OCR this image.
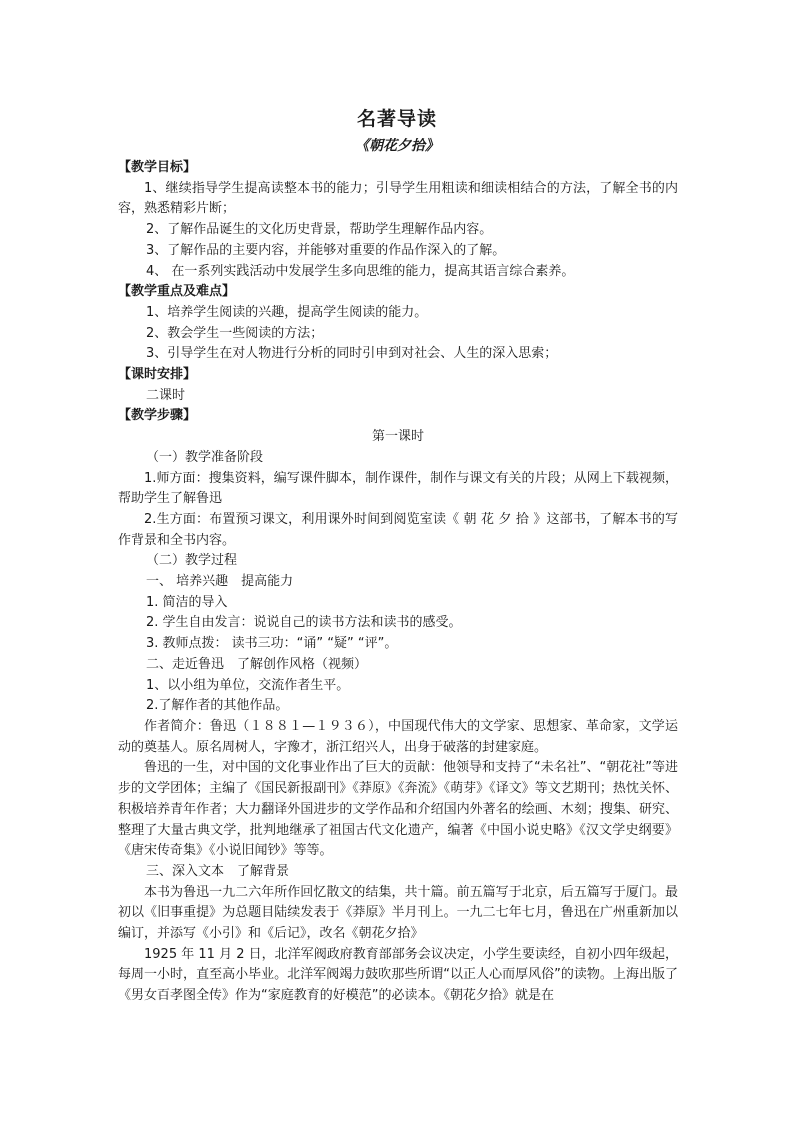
名著导读
《朝花夕拾》

【教学目标】

1、继续指导学生提高读整本书的能力；引导学生用粗读和细读相结合的方法，了解全书的内容，熟悉精彩片断；

2、了解作品诞生的文化历史背景，帮助学生理解作品内容。

3、了解作品的主要内容，并能够对重要的作品作深入的了解。

4、 在一系列实践活动中发展学生多向思维的能力，提高其语言综合素养。

【教学重点及难点】

1、培养学生阅读的兴趣，提高学生阅读的能力。

2、教会学生一些阅读的方法；

3、引导学生在对人物进行分析的同时引申到对社会、人生的深入思索；

【课时安排】

二课时

【教学步骤】

第一课时

（一）教学准备阶段

1.师方面：搜集资料，编写课件脚本，制作课件，制作与课文有关的片段；从网上下载视频，帮助学生了解鲁迅

2.生方面：布置预习课文，利用课外时间到阅览室读《 朝 花 夕 拾 》这部书，了解本书的写作背景和全书内容。

（二）教学过程

一、 培养兴趣　提高能力

1. 简洁的导入

2. 学生自由发言：说说自己的读书方法和读书的感受。

3. 教师点拨： 读书三功：“诵” “疑” “评”。

二、走近鲁迅　了解创作风格（视频）

1、以小组为单位，交流作者生平。

2.了解作者的其他作品。

作者简介：鲁迅（１８８１—１９３６），中国现代伟大的文学家、思想家、革命家，文学运动的奠基人。原名周树人，字豫才，浙江绍兴人，出身于破落的封建家庭。

鲁迅的一生，对中国的文化事业作出了巨大的贡献：他领导和支持了“未名社”、“朝花社”等进步的文学团体；主编了《国民新报副刊》《莽原》《奔流》《萌芽》《译文》等文艺期刊；热忱关怀、积极培养青年作者；大力翻译外国进步的文学作品和介绍国内外著名的绘画、木刻；搜集、研究、整理了大量古典文学，批判地继承了祖国古代文化遗产，编著《中国小说史略》《汉文学史纲要》《唐宋传奇集》《小说旧闻钞》等等。

三、深入文本　了解背景

本书为鲁迅一九二六年所作回忆散文的结集，共十篇。前五篇写于北京，后五篇写于厦门。最初以《旧事重提》为总题目陆续发表于《莽原》半月刊上。一九二七年七月，鲁迅在广州重新加以编订，并添写《小引》和《后记》，改名《朝花夕拾》

1925 年 11 月 2 日，北洋军阀政府教育部部务会议决定，小学生要读经，自初小四年级起，每周一小时，直至高小毕业。北洋军阀竭力鼓吹那些所谓“以正人心而厚风俗”的读物。上海出版了《男女百孝图全传》作为“家庭教育的好模范”的必读本。《朝花夕拾》就是在
